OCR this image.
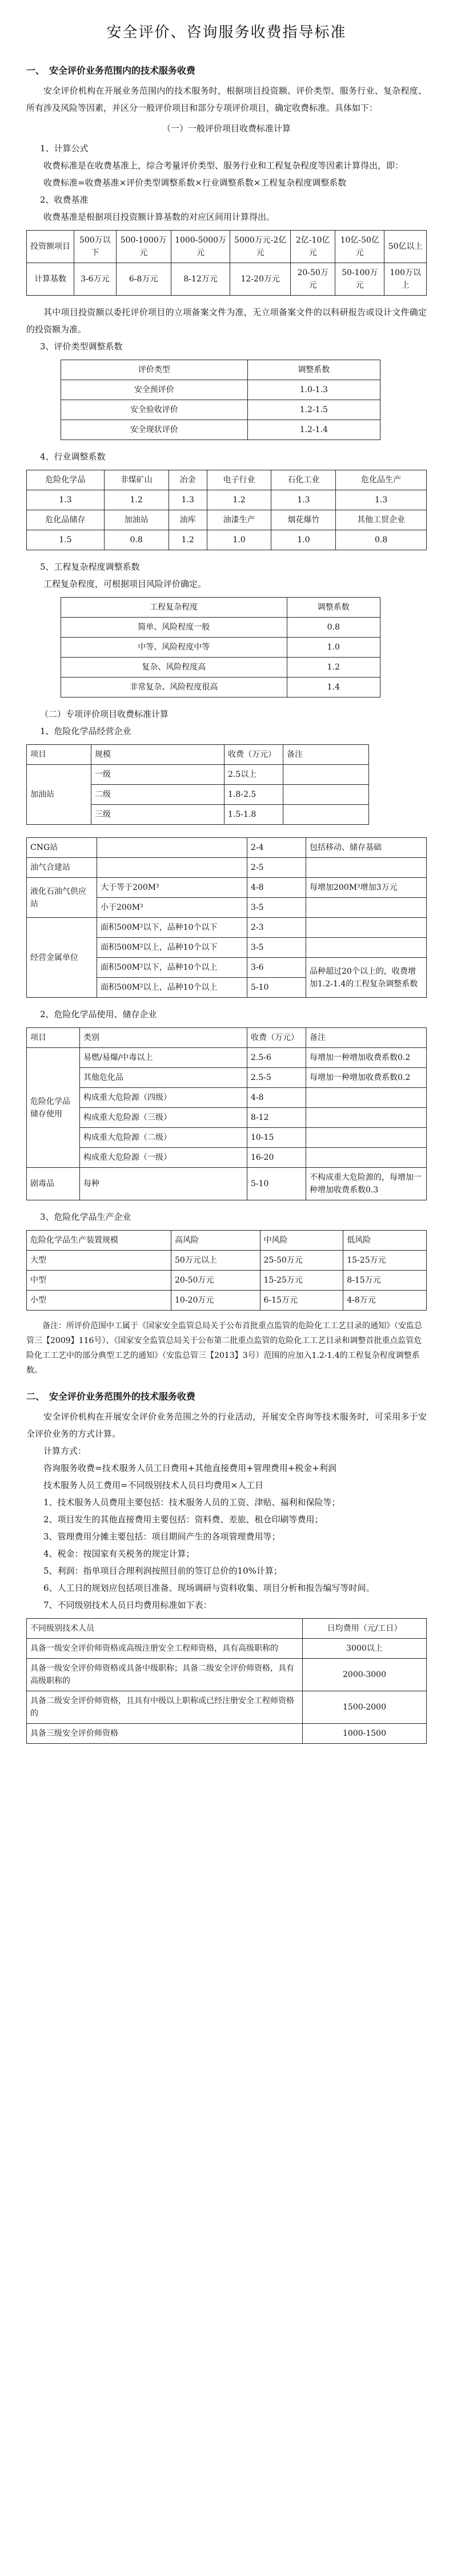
安全评价、咨询服务收费指导标准
一、　安全评价业务范围内的技术服务收费

安全评价机构在开展业务范围内的技术服务时，根据项目投资额、评价类型、服务行业、复杂程度、所有涉及风险等因素，并区分一般评价项目和部分专项评价项目，确定收费标准。具体如下：

（一）一般评价项目收费标准计算
1、计算公式

收费标准是在收费基准上，综合考量评价类型、服务行业和工程复杂程度等因素计算得出，即：

收费标准=收费基准×评价类型调整系数×行业调整系数×工程复杂程度调整系数

2、收费基准

收费基准是根据项目投资额计算基数的对应区间用计算得出。

投资额项目	500万以下	500-1000万元	1000-5000万元	5000万元-2亿元	2亿-10亿元	10亿-50亿元	50亿以上
计算基数	3-6万元	6-8万元	8-12万元	12-20万元	20-50万元	50-100万元	100万以上

其中项目投资额以委托评价项目的立项备案文件为准，无立项备案文件的以科研报告或设计文件确定的投资额为准。

3、评价类型调整系数
评价类型	调整系数
安全预评价	1.0-1.3
安全验收评价	1.2-1.5
安全现状评价	1.2-1.4
4、行业调整系数
危险化学品	非煤矿山	冶金	电子行业	石化工业	危化品生产
1.3	1.2	1.3	1.2	1.3	1.3
危化品储存	加油站	油库	油漆生产	烟花爆竹	其他工贸企业
1.5	0.8	1.2	1.0	1.0	0.8
5、工程复杂程度调整系数

工程复杂程度，可根据项目风险评价确定。

工程复杂程度	调整系数
简单、风险程度一般	0.8
中等、风险程度中等	1.0
复杂、风险程度高	1.2
非常复杂、风险程度很高	1.4
（二）专项评价项目收费标准计算
1、危险化学品经营企业
项目	规模	收费（万元）	备注
加油站	一级	2.5以上	
	二级	1.8-2.5	
	三级	1.5-1.8	
CNG站		2-4	包括移动、储存基础
油气合建站		2-5	
液化石油气供应站	大于等于200M³	4-8	每增加200M³增加3万元
	小于200M³	3-5	
经营金属单位	面积500M²以下，品种10个以下	2-3	
	面积500M²以上，品种10个以下	3-5	
	面积500M²以下，品种10个以上	3-6	品种超过20个以上的，收费增加1.2-1.4的工程复杂调整系数
	面积500M²以上，品种10个以上	5-10	
2、危险化学品使用、储存企业
项目	类别	收费（万元）	备注
危险化学品储存使用	易燃/易爆/中毒以上	2.5-6	每增加一种增加收费系数0.2
	其他危化品	2.5-5	每增加一种增加收费系数0.2
	构成重大危险源（四级）	4-8	
	构成重大危险源（三级）	8-12	
	构成重大危险源（二级）	10-15	
	构成重大危险源（一级）	16-20	
剧毒品	每种	5-10	不构成重大危险源的，每增加一种增加收费系数0.3
3、危险化学品生产企业
危险化学品生产装置规模	高风险	中风险	低风险
大型	50万元以上	25-50万元	15-25万元
中型	20-50万元	15-25万元	8-15万元
小型	10-20万元	6-15万元	4-8万元

备注：所评价范围中工属于《国家安全监管总局关于公布首批重点监管的危险化工工艺目录的通知》（安监总管三【2009】116号）、《国家安全监管总局关于公布第二批重点监管的危险化工工艺目录和调整首批重点监管危险化工工艺中的部分典型工艺的通知》（安监总管三【2013】3号）范围的应加入1.2-1.4的工程复杂程度调整系数。

二、　安全评价业务范围外的技术服务收费

安全评价机构在开展安全评价业务范围之外的行业活动，开展安全咨询等技术服务时，可采用多于安全评价业务的方式计算。

计算方式：

咨询服务收费=技术服务人员工日费用+其他直接费用+管理费用+税金+利润

技术服务人员工费用=不同级别技术人员日均费用×人工日

1、技术服务人员费用主要包括：技术服务人员的工资、津贴、福利和保险等；

2、项目发生的其他直接费用主要包括：资料费、差旅、租仓印刷等费用；

3、管理费用分摊主要包括：项目期间产生的各项管理费用等；

4、税金：按国家有关税务的规定计算；

5、利润：指单项目合理利润按照目前的签订总价的10%计算；

6、人工日的规划应包括项目准备、现场调研与资料收集、项目分析和报告编写等时间。

7、不同级别技术人员日均费用标准如下表：

不同级别技术人员	日均费用（元/工日）
具备一级安全评价师资格或高级注册安全工程师资格，具有高级职称的	3000以上
具备一级安全评价师资格或具备中级职称；具备二级安全评价师资格，具有高级职称的	2000-3000
具备二级安全评价师资格，且具有中级以上职称或已经注册安全工程师资格的	1500-2000
具备三级安全评价师资格	1000-1500
